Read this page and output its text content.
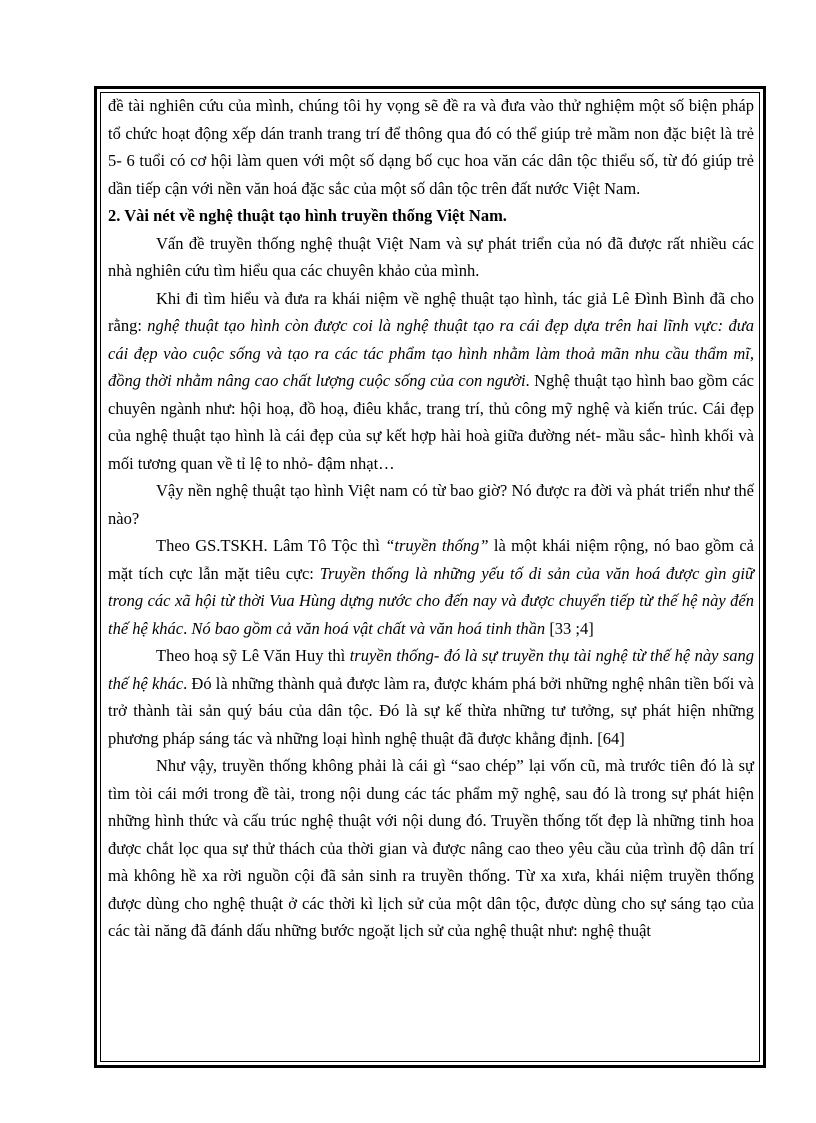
đề tài nghiên cứu của mình, chúng tôi hy vọng sẽ đề ra và đưa vào thử nghiệm một số biện pháp tổ chức hoạt động xếp dán tranh trang trí để thông qua đó có thể giúp trẻ mầm non đặc biệt là trẻ 5- 6 tuổi có cơ hội làm quen với một số dạng bố cục hoa văn các dân tộc thiểu số, từ đó giúp trẻ dần tiếp cận với nền văn hoá đặc sắc của một số dân tộc trên đất nước Việt Nam.

2. Vài nét về nghệ thuật tạo hình truyền thống Việt Nam.

Vấn đề truyền thống nghệ thuật Việt Nam và sự phát triển của nó đã được rất nhiều các nhà nghiên cứu tìm hiểu qua các chuyên khảo của mình.

Khi đi tìm hiểu và đưa ra khái niệm về nghệ thuật tạo hình, tác giả Lê Đình Bình đã cho rằng: nghệ thuật tạo hình còn được coi là nghệ thuật tạo ra cái đẹp dựa trên hai lĩnh vực: đưa cái đẹp vào cuộc sống và tạo ra các tác phẩm tạo hình nhằm làm thoả mãn nhu cầu thẩm mĩ, đồng thời nhằm nâng cao chất lượng cuộc sống của con người. Nghệ thuật tạo hình bao gồm các chuyên ngành như: hội hoạ, đồ hoạ, điêu khắc, trang trí, thủ công mỹ nghệ và kiến trúc. Cái đẹp của nghệ thuật tạo hình là cái đẹp của sự kết hợp hài hoà giữa đường nét- mầu sắc- hình khối và mối tương quan về tỉ lệ to nhỏ- đậm nhạt…

Vậy nền nghệ thuật tạo hình Việt nam có từ bao giờ? Nó được ra đời và phát triển như thế nào?

Theo GS.TSKH. Lâm Tô Tộc thì “truyền thống” là một khái niệm rộng, nó bao gồm cả mặt tích cực lẫn mặt tiêu cực: Truyền thống là những yếu tố di sản của văn hoá được gìn giữ trong các xã hội từ thời Vua Hùng dựng nước cho đến nay và được chuyển tiếp từ thế hệ này đến thế hệ khác. Nó bao gồm cả văn hoá vật chất và văn hoá tinh thần [33 ;4]

Theo hoạ sỹ Lê Văn Huy thì truyền thống- đó là sự truyền thụ tài nghệ từ thế hệ này sang thế hệ khác. Đó là những thành quả được làm ra, được khám phá bởi những nghệ nhân tiền bối và trở thành tài sản quý báu của dân tộc. Đó là sự kế thừa những tư tưởng, sự phát hiện những phương pháp sáng tác và những loại hình nghệ thuật đã được khẳng định. [64]

Như vậy, truyền thống không phải là cái gì “sao chép” lại vốn cũ, mà trước tiên đó là sự tìm tòi cái mới trong đề tài, trong nội dung các tác phẩm mỹ nghệ, sau đó là trong sự phát hiện những hình thức và cấu trúc nghệ thuật với nội dung đó. Truyền thống tốt đẹp là những tinh hoa được chắt lọc qua sự thử thách của thời gian và được nâng cao theo yêu cầu của trình độ dân trí mà không hề xa rời nguồn cội đã sản sinh ra truyền thống. Từ xa xưa, khái niệm truyền thống được dùng cho nghệ thuật ở các thời kì lịch sử của một dân tộc, được dùng cho sự sáng tạo của các tài năng đã đánh dấu những bước ngoặt lịch sử của nghệ thuật như: nghệ thuật
